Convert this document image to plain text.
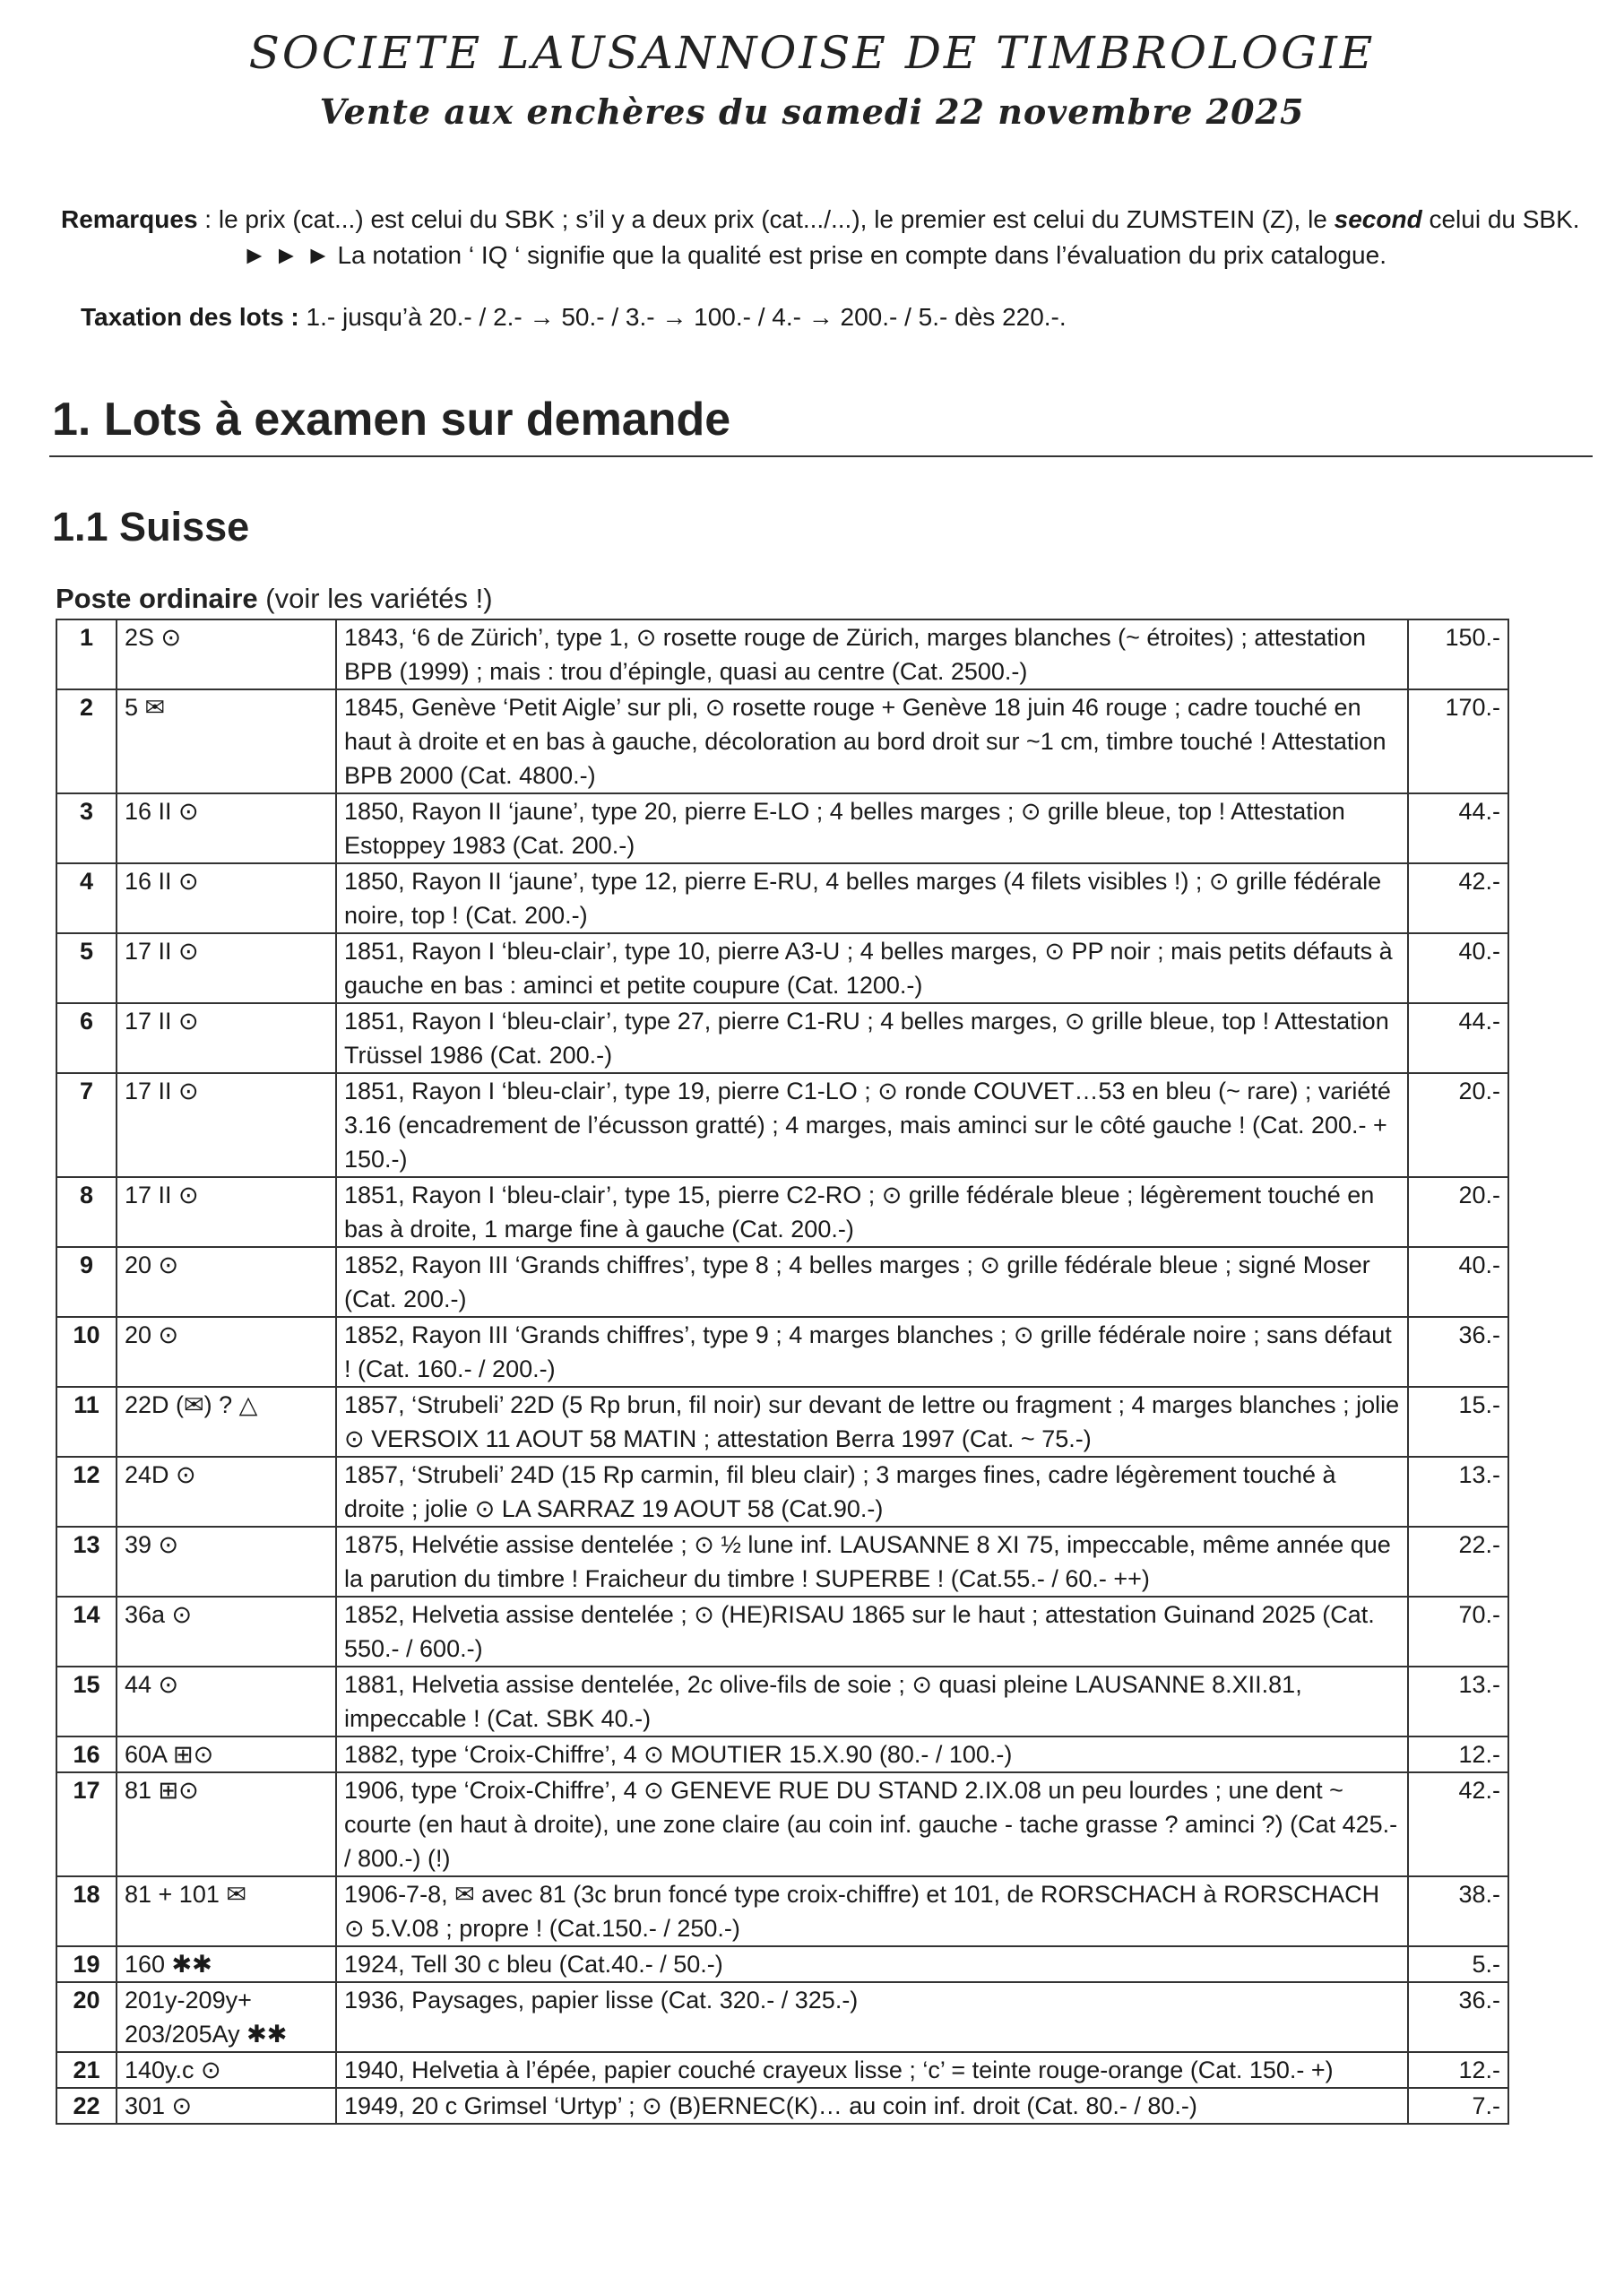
SOCIETE LAUSANNOISE DE TIMBROLOGIE
Vente aux enchères du samedi 22 novembre 2025
Remarques : le prix (cat...) est celui du SBK ; s’il y a deux prix (cat.../...), le premier est celui du ZUMSTEIN (Z), le second celui du SBK.
► ► ► La notation ‘ IQ ‘ signifie que la qualité est prise en compte dans l’évaluation du prix catalogue.
Taxation des lots : 1.- jusqu’à 20.- / 2.- → 50.- / 3.- → 100.- / 4.- → 200.- / 5.- dès 220.-.
1. Lots à examen sur demande
1.1 Suisse
Poste ordinaire (voir les variétés !)
1	2S ⊙	1843, ‘6 de Zürich’, type 1, ⊙ rosette rouge de Zürich, marges blanches (~ étroites) ; attestation BPB (1999) ; mais : trou d’épingle, quasi au centre (Cat. 2500.-)	150.-
2	5 ✉	1845, Genève ‘Petit Aigle’ sur pli, ⊙ rosette rouge + Genève 18 juin 46 rouge ; cadre touché en haut à droite et en bas à gauche, décoloration au bord droit sur ~1 cm, timbre touché ! Attestation BPB 2000 (Cat. 4800.-)	170.-
3	16 II ⊙	1850, Rayon II ‘jaune’, type 20, pierre E-LO ; 4 belles marges ; ⊙ grille bleue, top ! Attestation Estoppey 1983 (Cat. 200.-)	44.-
4	16 II ⊙	1850, Rayon II ‘jaune’, type 12, pierre E-RU, 4 belles marges (4 filets visibles !) ; ⊙ grille fédérale noire, top ! (Cat. 200.-)	42.-
5	17 II ⊙	1851, Rayon I ‘bleu-clair’, type 10, pierre A3-U ; 4 belles marges, ⊙ PP noir ; mais petits défauts à gauche en bas : aminci et petite coupure (Cat. 1200.-)	40.-
6	17 II ⊙	1851, Rayon I ‘bleu-clair’, type 27, pierre C1-RU ; 4 belles marges, ⊙ grille bleue, top ! Attestation Trüssel 1986 (Cat. 200.-)	44.-
7	17 II ⊙	1851, Rayon I ‘bleu-clair’, type 19, pierre C1-LO ; ⊙ ronde COUVET…53 en bleu (~ rare) ; variété 3.16 (encadrement de l’écusson gratté) ; 4 marges, mais aminci sur le côté gauche ! (Cat. 200.- + 150.-)	20.-
8	17 II ⊙	1851, Rayon I ‘bleu-clair’, type 15, pierre C2-RO ; ⊙ grille fédérale bleue ; légèrement touché en bas à droite, 1 marge fine à gauche (Cat. 200.-)	20.-
9	20 ⊙	1852, Rayon III ‘Grands chiffres’, type 8 ; 4 belles marges ; ⊙ grille fédérale bleue ; signé Moser (Cat. 200.-)	40.-
10	20 ⊙	1852, Rayon III ‘Grands chiffres’, type 9 ; 4 marges blanches ; ⊙ grille fédérale noire ; sans défaut ! (Cat. 160.- / 200.-)	36.-
11	22D (✉) ? △	1857, ‘Strubeli’ 22D (5 Rp brun, fil noir) sur devant de lettre ou fragment ; 4 marges blanches ; jolie ⊙ VERSOIX 11 AOUT 58 MATIN ; attestation Berra 1997 (Cat. ~ 75.-)	15.-
12	24D ⊙	1857, ‘Strubeli’ 24D (15 Rp carmin, fil bleu clair) ; 3 marges fines, cadre légèrement touché à droite ; jolie ⊙ LA SARRAZ 19 AOUT 58 (Cat.90.-)	13.-
13	39 ⊙	1875, Helvétie assise dentelée ; ⊙ ½ lune inf. LAUSANNE 8 XI 75, impeccable, même année que la parution du timbre ! Fraicheur du timbre ! SUPERBE ! (Cat.55.- / 60.- ++)	22.-
14	36a ⊙	1852, Helvetia assise dentelée ; ⊙ (HE)RISAU 1865 sur le haut ; attestation Guinand 2025 (Cat. 550.- / 600.-)	70.-
15	44 ⊙	1881, Helvetia assise dentelée, 2c olive-fils de soie ; ⊙ quasi pleine LAUSANNE 8.XII.81, impeccable ! (Cat. SBK 40.-)	13.-
16	60A ⊞⊙	1882, type ‘Croix-Chiffre’, 4 ⊙ MOUTIER 15.X.90 (80.- / 100.-)	12.-
17	81 ⊞⊙	1906, type ‘Croix-Chiffre’, 4 ⊙ GENEVE RUE DU STAND 2.IX.08 un peu lourdes ; une dent ~ courte (en haut à droite), une zone claire (au coin inf. gauche - tache grasse ? aminci ?) (Cat 425.- / 800.-) (!)	42.-
18	81 + 101 ✉	1906-7-8, ✉ avec 81 (3c brun foncé type croix-chiffre) et 101, de RORSCHACH à RORSCHACH ⊙ 5.V.08 ; propre ! (Cat.150.- / 250.-)	38.-
19	160 ✱✱	1924, Tell 30 c bleu (Cat.40.- / 50.-)	5.-
20	201y-209y+ 203/205Ay ✱✱	1936, Paysages, papier lisse (Cat. 320.- / 325.-)	36.-
21	140y.c ⊙	1940, Helvetia à l’épée, papier couché crayeux lisse ; ‘c’ = teinte rouge-orange (Cat. 150.- +)	12.-
22	301 ⊙	1949, 20 c Grimsel ‘Urtyp’ ; ⊙ (B)ERNEC(K)… au coin inf. droit (Cat. 80.- / 80.-)	7.-
